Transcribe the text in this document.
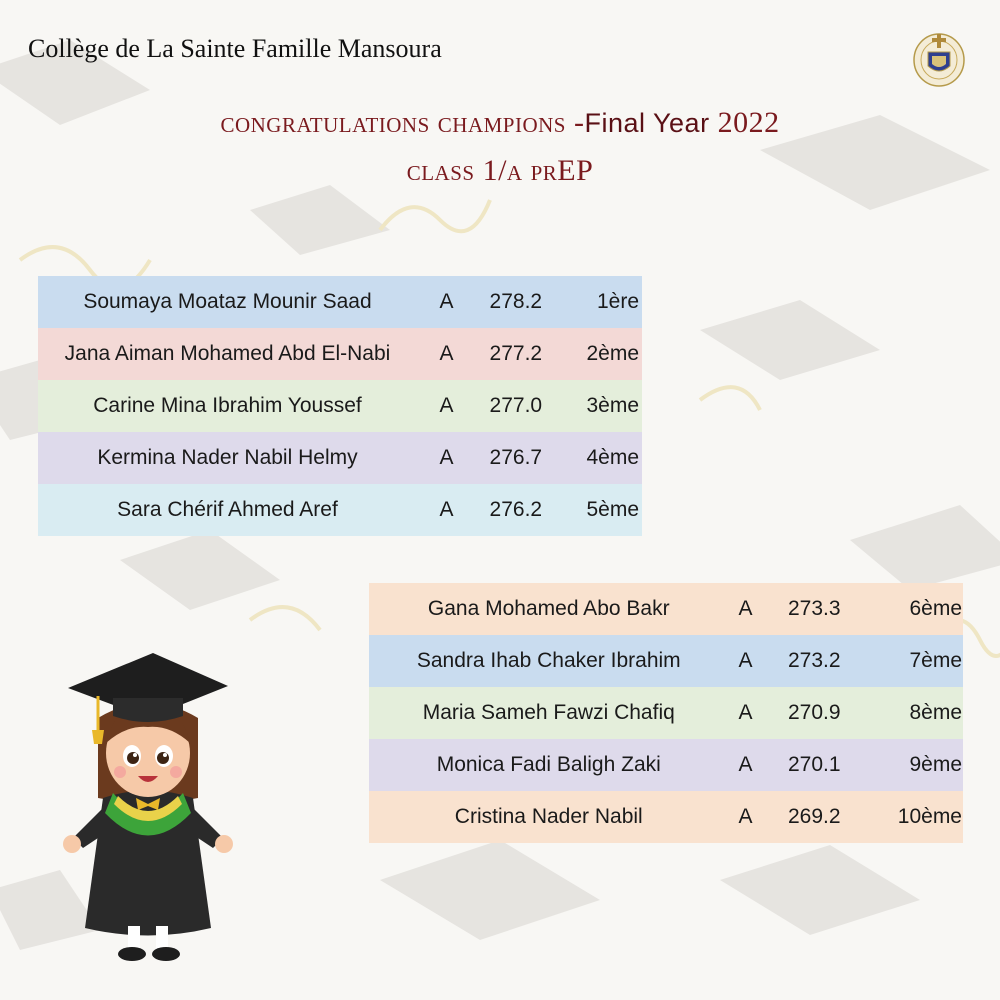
Collège de La Sainte Famille Mansoura
congratulations champions -Final Year 2022
class 1/a prEP
Soumaya Moataz Mounir Saad	A	278.2	1ère
Jana Aiman Mohamed Abd El-Nabi	A	277.2	2ème
Carine Mina Ibrahim Youssef	A	277.0	3ème
Kermina Nader Nabil Helmy	A	276.7	4ème
Sara Chérif Ahmed Aref	A	276.2	5ème
Gana Mohamed Abo Bakr	A	273.3	6ème
Sandra Ihab Chaker Ibrahim	A	273.2	7ème
Maria Sameh Fawzi Chafiq	A	270.9	8ème
Monica Fadi Baligh Zaki	A	270.1	9ème
Cristina Nader Nabil	A	269.2	10ème
